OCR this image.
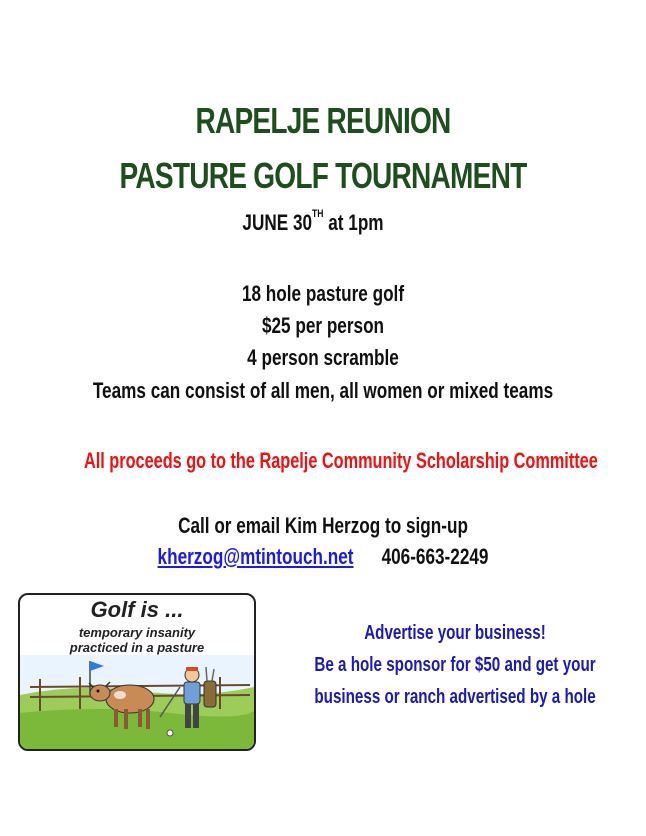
RAPELJE REUNION
PASTURE GOLF TOURNAMENT
JUNE 30TH at 1pm
18 hole pasture golf
$25 per person
4 person scramble
Teams can consist of all men, all women or mixed teams
All proceeds go to the Rapelje Community Scholarship Committee
Call or email Kim Herzog to sign-up
kherzog@mtintouch.net 406-663-2249
Golf is ...
temporary insanity
practiced in a pasture
Advertise your business!
Be a hole sponsor for $50 and get your
business or ranch advertised by a hole
